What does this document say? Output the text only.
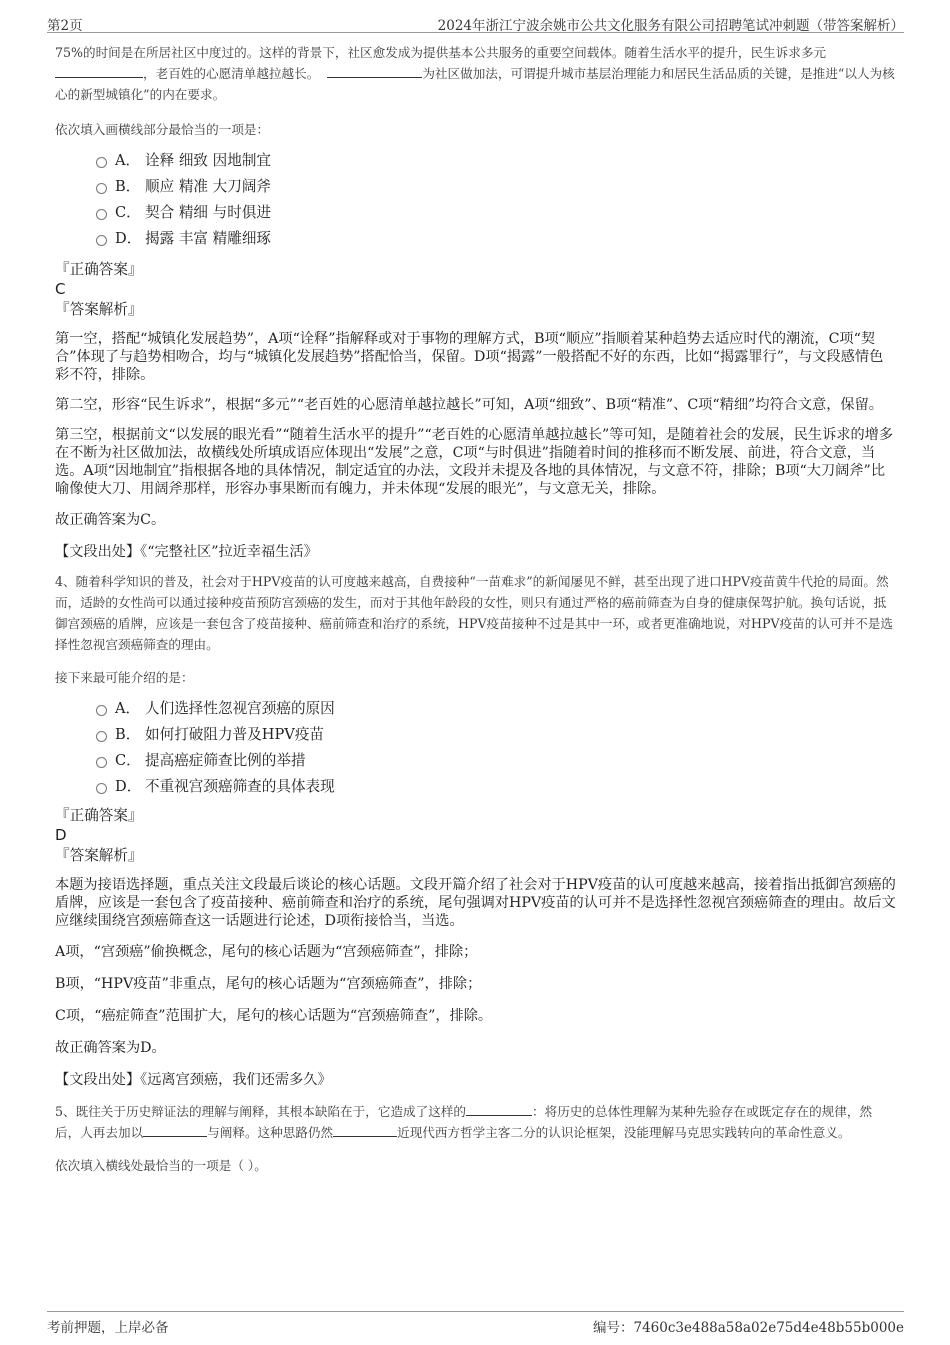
第2页	2024年浙江宁波余姚市公共文化服务有限公司招聘笔试冲刺题（带答案解析）

75%的时间是在所居社区中度过的。这样的背景下，社区愈发成为提供基本公共服务的重要空间载体。随着生活水平的提升，民生诉求多元，老百姓的心愿清单越拉越长。	为社区做加法，可谓提升城市基层治理能力和居民生活品质的关键，是推进“以人为核心的新型城镇化”的内在要求。

依次填入画横线部分最恰当的一项是：

A． 诠释 细致 因地制宜
B． 顺应 精准 大刀阔斧
C． 契合 精细 与时俱进
D． 揭露 丰富 精雕细琢

『正确答案』

C

『答案解析』

第一空，搭配“城镇化发展趋势”，A项“诠释”指解释或对于事物的理解方式，B项“顺应”指顺着某种趋势去适应时代的潮流，C项“契合”体现了与趋势相吻合，均与“城镇化发展趋势”搭配恰当，保留。D项“揭露”一般搭配不好的东西，比如“揭露罪行”，与文段感情色彩不符，排除。

第二空，形容“民生诉求”，根据“多元”“老百姓的心愿清单越拉越长”可知，A项“细致”、B项“精准”、C项“精细”均符合文意，保留。

第三空，根据前文“以发展的眼光看”“随着生活水平的提升”“老百姓的心愿清单越拉越长”等可知，是随着社会的发展，民生诉求的增多在不断为社区做加法，故横线处所填成语应体现出“发展”之意，C项“与时俱进”指随着时间的推移而不断发展、前进，符合文意，当选。A项“因地制宜”指根据各地的具体情况，制定适宜的办法，文段并未提及各地的具体情况，与文意不符，排除；B项“大刀阔斧”比喻像使大刀、用阔斧那样，形容办事果断而有魄力，并未体现“发展的眼光”，与文意无关，排除。

故正确答案为C。

【文段出处】《“完整社区”拉近幸福生活》

4、随着科学知识的普及，社会对于HPV疫苗的认可度越来越高，自费接种“一苗难求”的新闻屡见不鲜，甚至出现了进口HPV疫苗黄牛代抢的局面。然而，适龄的女性尚可以通过接种疫苗预防宫颈癌的发生，而对于其他年龄段的女性，则只有通过严格的癌前筛查为自身的健康保驾护航。换句话说，抵御宫颈癌的盾牌，应该是一套包含了疫苗接种、癌前筛查和治疗的系统，HPV疫苗接种不过是其中一环，或者更准确地说，对HPV疫苗的认可并不是选择性忽视宫颈癌筛查的理由。

接下来最可能介绍的是：

A． 人们选择性忽视宫颈癌的原因
B． 如何打破阻力普及HPV疫苗
C． 提高癌症筛查比例的举措
D． 不重视宫颈癌筛查的具体表现

『正确答案』

D

『答案解析』

本题为接语选择题，重点关注文段最后谈论的核心话题。文段开篇介绍了社会对于HPV疫苗的认可度越来越高，接着指出抵御宫颈癌的盾牌，应该是一套包含了疫苗接种、癌前筛查和治疗的系统，尾句强调对HPV疫苗的认可并不是选择性忽视宫颈癌筛查的理由。故后文应继续围绕宫颈癌筛查这一话题进行论述，D项衔接恰当，当选。

A项，“宫颈癌”偷换概念，尾句的核心话题为“宫颈癌筛查”，排除；

B项，“HPV疫苗”非重点，尾句的核心话题为“宫颈癌筛查”，排除；

C项，“癌症筛查”范围扩大，尾句的核心话题为“宫颈癌筛查”，排除。

故正确答案为D。

【文段出处】《远离宫颈癌，我们还需多久》

5、既往关于历史辩证法的理解与阐释，其根本缺陷在于，它造成了这样的	：将历史的总体性理解为某种先验存在或既定存在的规律，然后，人再去加以	与阐释。这种思路仍然	近现代西方哲学主客二分的认识论框架，没能理解马克思实践转向的革命性意义。

依次填入横线处最恰当的一项是（ ）。

考前押题，上岸必备	编号：7460c3e488a58a02e75d4e48b55b000e
